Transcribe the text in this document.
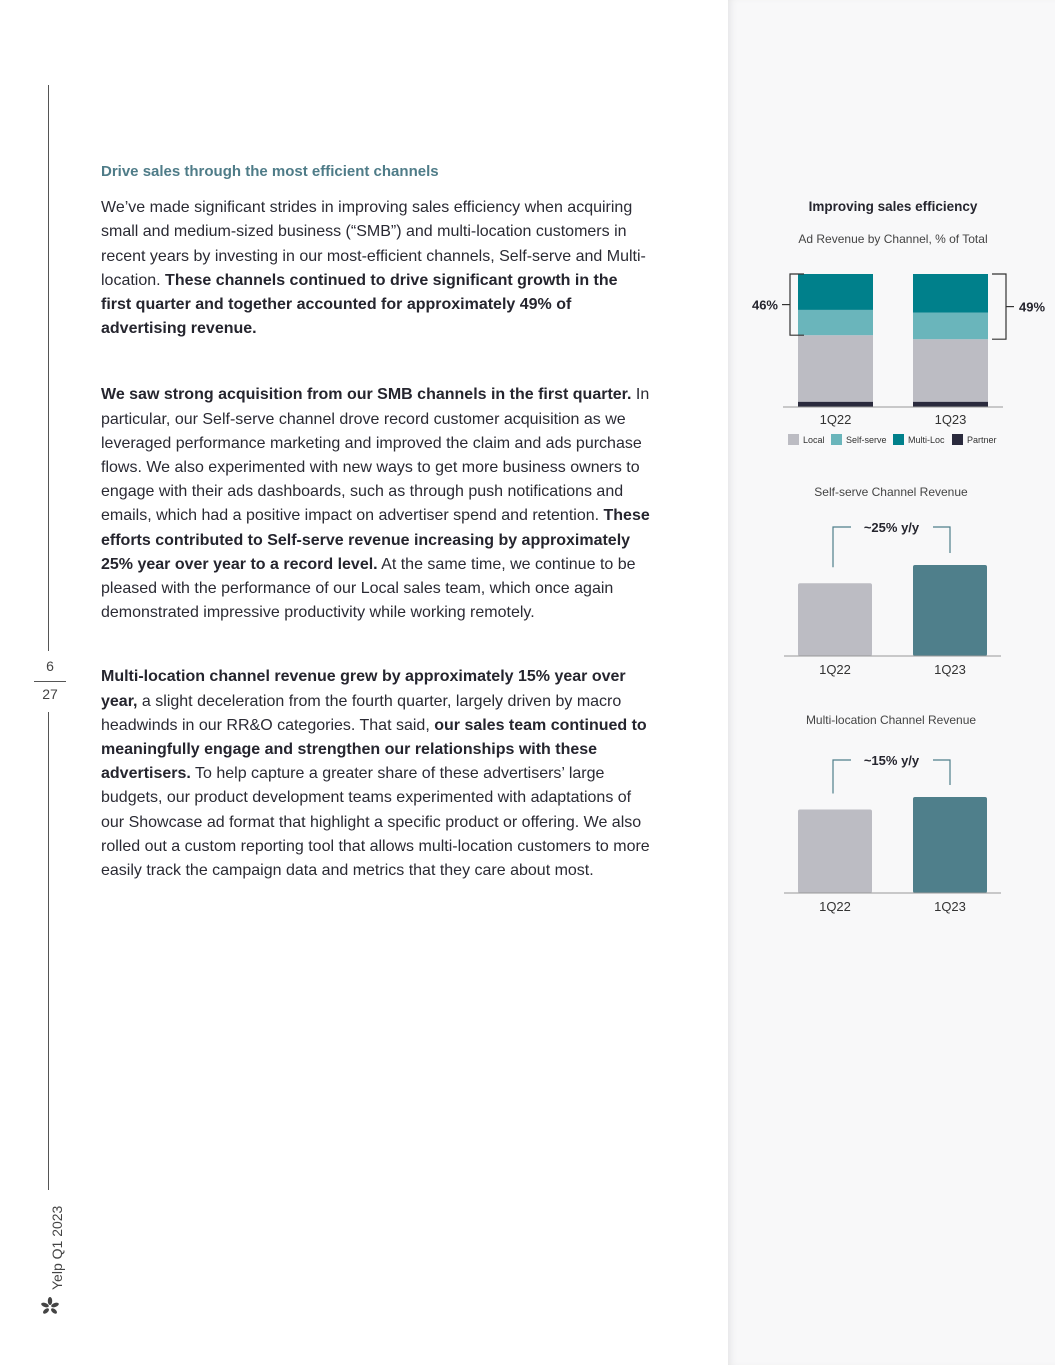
6
27
Yelp Q1 2023

Drive sales through the most efficient channels

We’ve made significant strides in improving sales efficiency when acquiring small and medium-sized business (“SMB”) and multi-location customers in recent years by investing in our most-efficient channels, Self-serve and Multi-location. These channels continued to drive significant growth in the first quarter and together accounted for approximately 49% of advertising revenue.

We saw strong acquisition from our SMB channels in the first quarter. In particular, our Self-serve channel drove record customer acquisition as we leveraged performance marketing and improved the claim and ads purchase flows. We also experimented with new ways to get more business owners to engage with their ads dashboards, such as through push notifications and emails, which had a positive impact on advertiser spend and retention. These efforts contributed to Self-serve revenue increasing by approximately 25% year over year to a record level. At the same time, we continue to be pleased with the performance of our Local sales team, which once again demonstrated impressive productivity while working remotely.

Multi-location channel revenue grew by approximately 15% year over year, a slight deceleration from the fourth quarter, largely driven by macro headwinds in our RR&O categories. That said, our sales team continued to meaningfully engage and strengthen our relationships with these advertisers. To help capture a greater share of these advertisers’ large budgets, our product development teams experimented with adaptations of our Showcase ad format that highlight a specific product or offering. We also rolled out a custom reporting tool that allows multi-location customers to more easily track the campaign data and metrics that they care about most.

Improving sales efficiency
Ad Revenue by Channel, % of Total
1Q22	1Q23
46%	49%
Local Self-serve Multi-Loc Partner
Self-serve Channel Revenue
1Q22	1Q23
~25% y/y
Multi-location Channel Revenue
1Q22	1Q23
~15% y/y
